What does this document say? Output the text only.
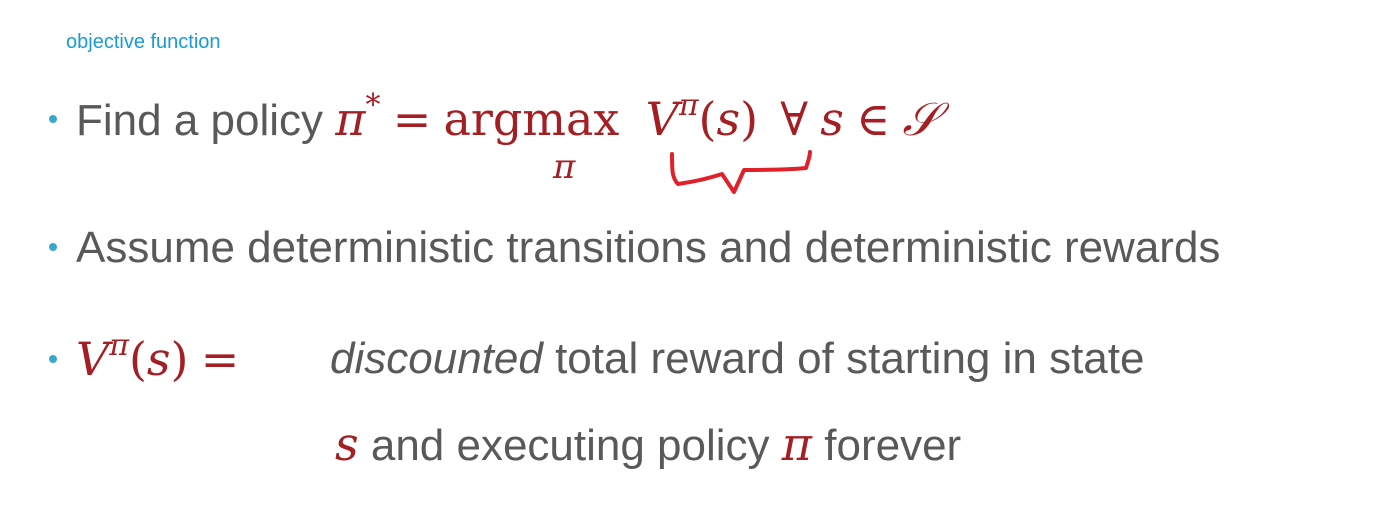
objective function
Find a policy π* = argmax $V^\pi(s)$ ∀ s ∈ 𝒮
π
Assume deterministic transitions and deterministic rewards
$V^\pi(s)$ = discounted total reward of starting in state
s and executing policy π forever
